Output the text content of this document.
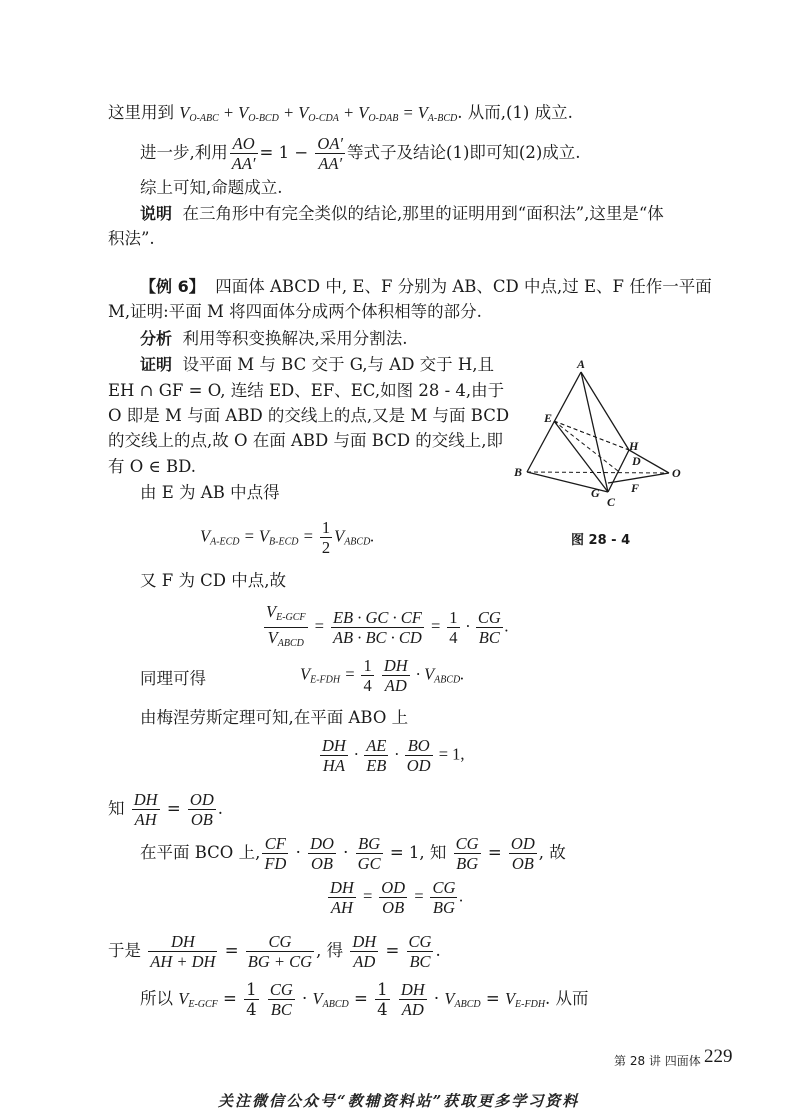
这里用到 $V_{O-ABC} + V_{O-BCD} + V_{O-CDA} + V_{O-DAB} = V_{A-BCD}$. 从而,(1) 成立.
进一步,利用 $\frac{AO}{AA'} = 1 - \frac{OA'}{AA'}$ 等式子及结论(1)即可知(2)成立.
综上可知,命题成立.
说明 在三角形中有完全类似的结论,那里的证明用到“面积法”,这里是“体
积法”.
【例 6】 四面体 ABCD 中, E、F 分别为 AB、CD 中点,过 E、F 任作一平面
M,证明:平面 M 将四面体分成两个体积相等的部分.
分析 利用等积变换解决,采用分割法.
证明 设平面 M 与 BC 交于 G,与 AD 交于 H,且
EH ∩ GF = O, 连结 ED、EF、EC,如图 28 - 4,由于
O 即是 M 与面 ABD 的交线上的点,又是 M 与面 BCD
的交线上的点,故 O 在面 ABD 与面 BCD 的交线上,即
有 O ∈ BD.
由 E 为 AB 中点得
A
B
C
D
E
F
G
H
O
图 28 - 4
$V_{A-ECD} = V_{B-ECD} = \frac{1}{2} V_{ABCD}$.
又 F 为 CD 中点,故
$\frac{V_{E-GCF}}{V_{ABCD}} = \frac{EB \cdot GC \cdot CF}{AB \cdot BC \cdot CD} = \frac{1}{4} \cdot \frac{CG}{BC}$ .
同理可得	$V_{E-FDH} = \frac{1}{4}$
$\frac{DH}{AD} \cdot V_{ABCD}$.
由梅涅劳斯定理可知,在平面 ABO 上
$\frac{DH}{HA} \cdot \frac{AE}{EB} \cdot \frac{BO}{OD} = 1$,
知 $\frac{DH}{AH} = \frac{OD}{OB}$ .
在平面 BCO 上, $\frac{CF}{FD} \cdot \frac{DO}{OB} \cdot \frac{BG}{GC} = 1$, 知 $\frac{CG}{BG} = \frac{OD}{OB}$ , 故
$\frac{DH}{AH} = \frac{OD}{OB} = \frac{CG}{BG}$ .
于是 $\frac{DH}{AH + DH} = \frac{CG}{BG + CG}$ , 得 $\frac{DH}{AD} = \frac{CG}{BC}$ .
所以 $V_{E-GCF} = \frac{1}{4}$
$\frac{CG}{BC} \cdot V_{ABCD} = \frac{1}{4}$
$\frac{DH}{AD} \cdot V_{ABCD} = V_{E-FDH}$. 从而
第 28 讲 四面体 229
关注微信公众号“教辅资料站”获取更多学习资料
